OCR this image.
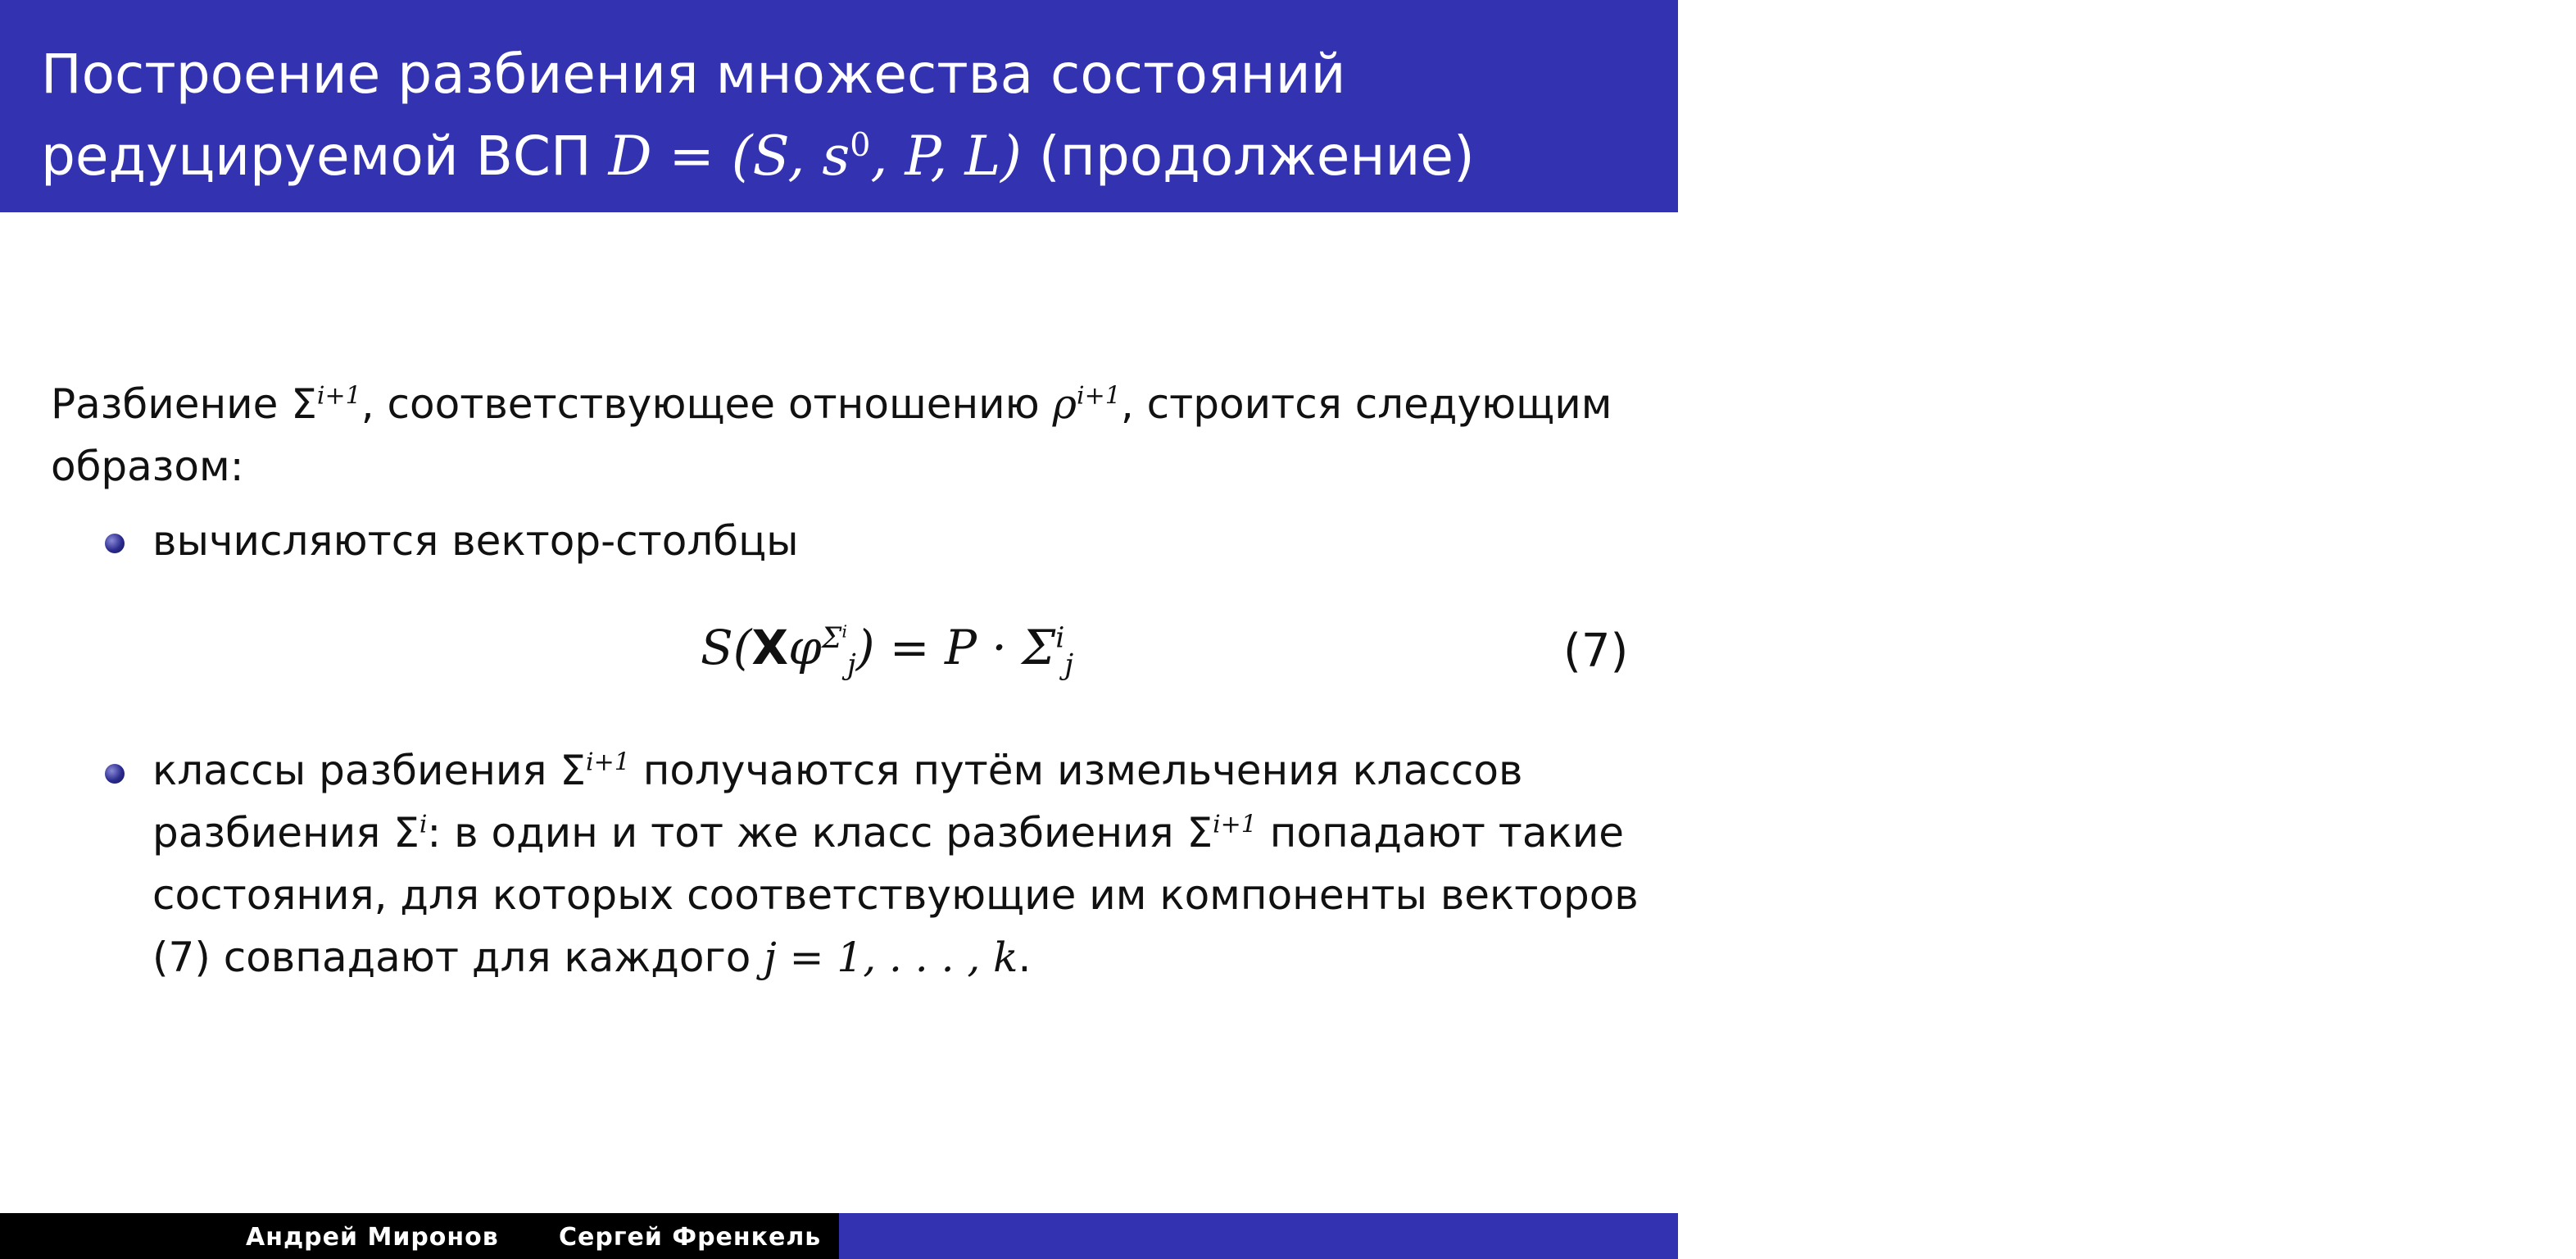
Построение разбиения множества состояний
редуцируемой ВСП D = (S, $s^0$, P, L) (продолжение)
Разбиение $\Sigma^{i+1}$, соответствующее отношению $\rho^{i+1}$, строится следующим образом:
вычисляются вектор-столбцы
$S(X\varphi^{\Sigma^i}_j) = P \cdot \Sigma^i_j$	(7)
классы разбиения $\Sigma^{i+1}$ получаются путём измельчения классов разбиения $\Sigma^i$: в один и тот же класс разбиения $\Sigma^{i+1}$ попадают такие состояния, для которых соответствующие им компоненты векторов (7) совпадают для каждого j = 1, . . . , k.
Андрей Миронов Сергей Френкель	Метод понижения вычислительной сложности в задачах
